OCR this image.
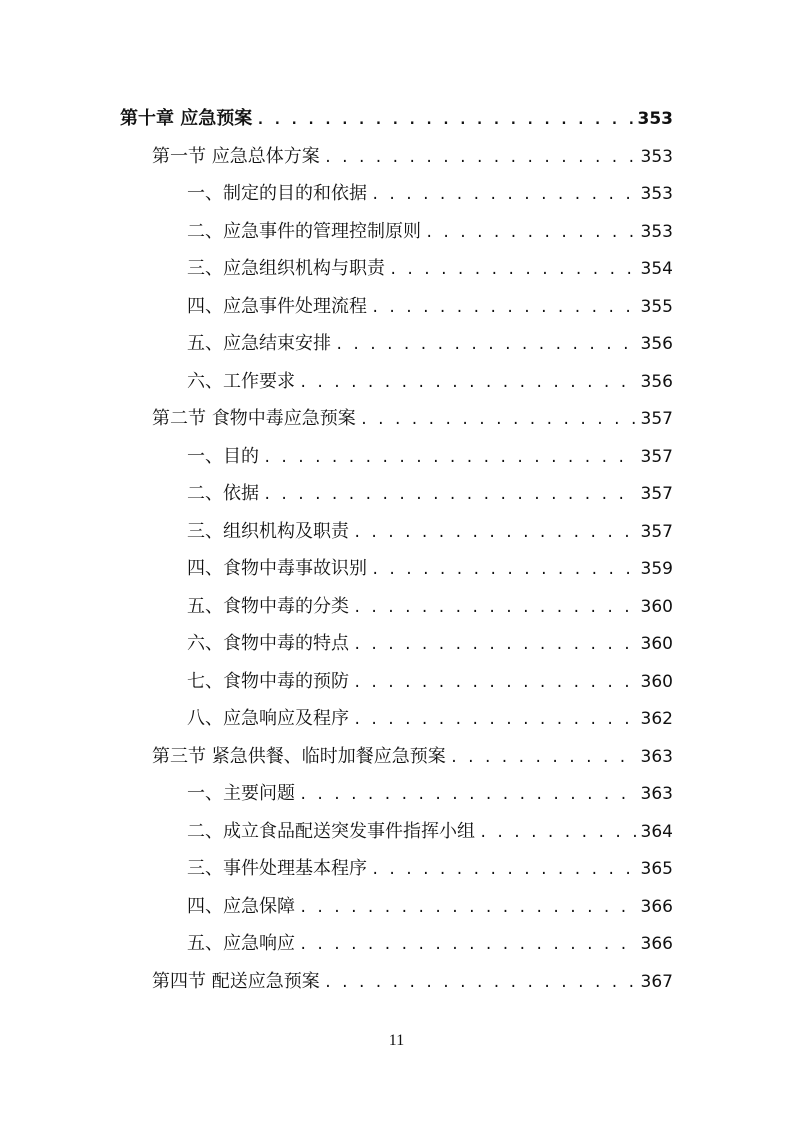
第十章 应急预案 . . .	353
第一节 应急总体方案 . . .	353
一、制定的目的和依据 . . .	353
二、应急事件的管理控制原则 . . .	353
三、应急组织机构与职责 . . .	354
四、应急事件处理流程 . . .	355
五、应急结束安排 . . .	356
六、工作要求 . . .	356
第二节 食物中毒应急预案 . . .	357
一、目的 . . .	357
二、依据 . . .	357
三、组织机构及职责 . . .	357
四、食物中毒事故识别 . . .	359
五、食物中毒的分类 . . .	360
六、食物中毒的特点 . . .	360
七、食物中毒的预防 . . .	360
八、应急响应及程序 . . .	362
第三节 紧急供餐、临时加餐应急预案 . . .	363
一、主要问题 . . .	363
二、成立食品配送突发事件指挥小组 . . .	364
三、事件处理基本程序 . . .	365
四、应急保障 . . .	366
五、应急响应 . . .	366
第四节 配送应急预案 . . .	367
11
